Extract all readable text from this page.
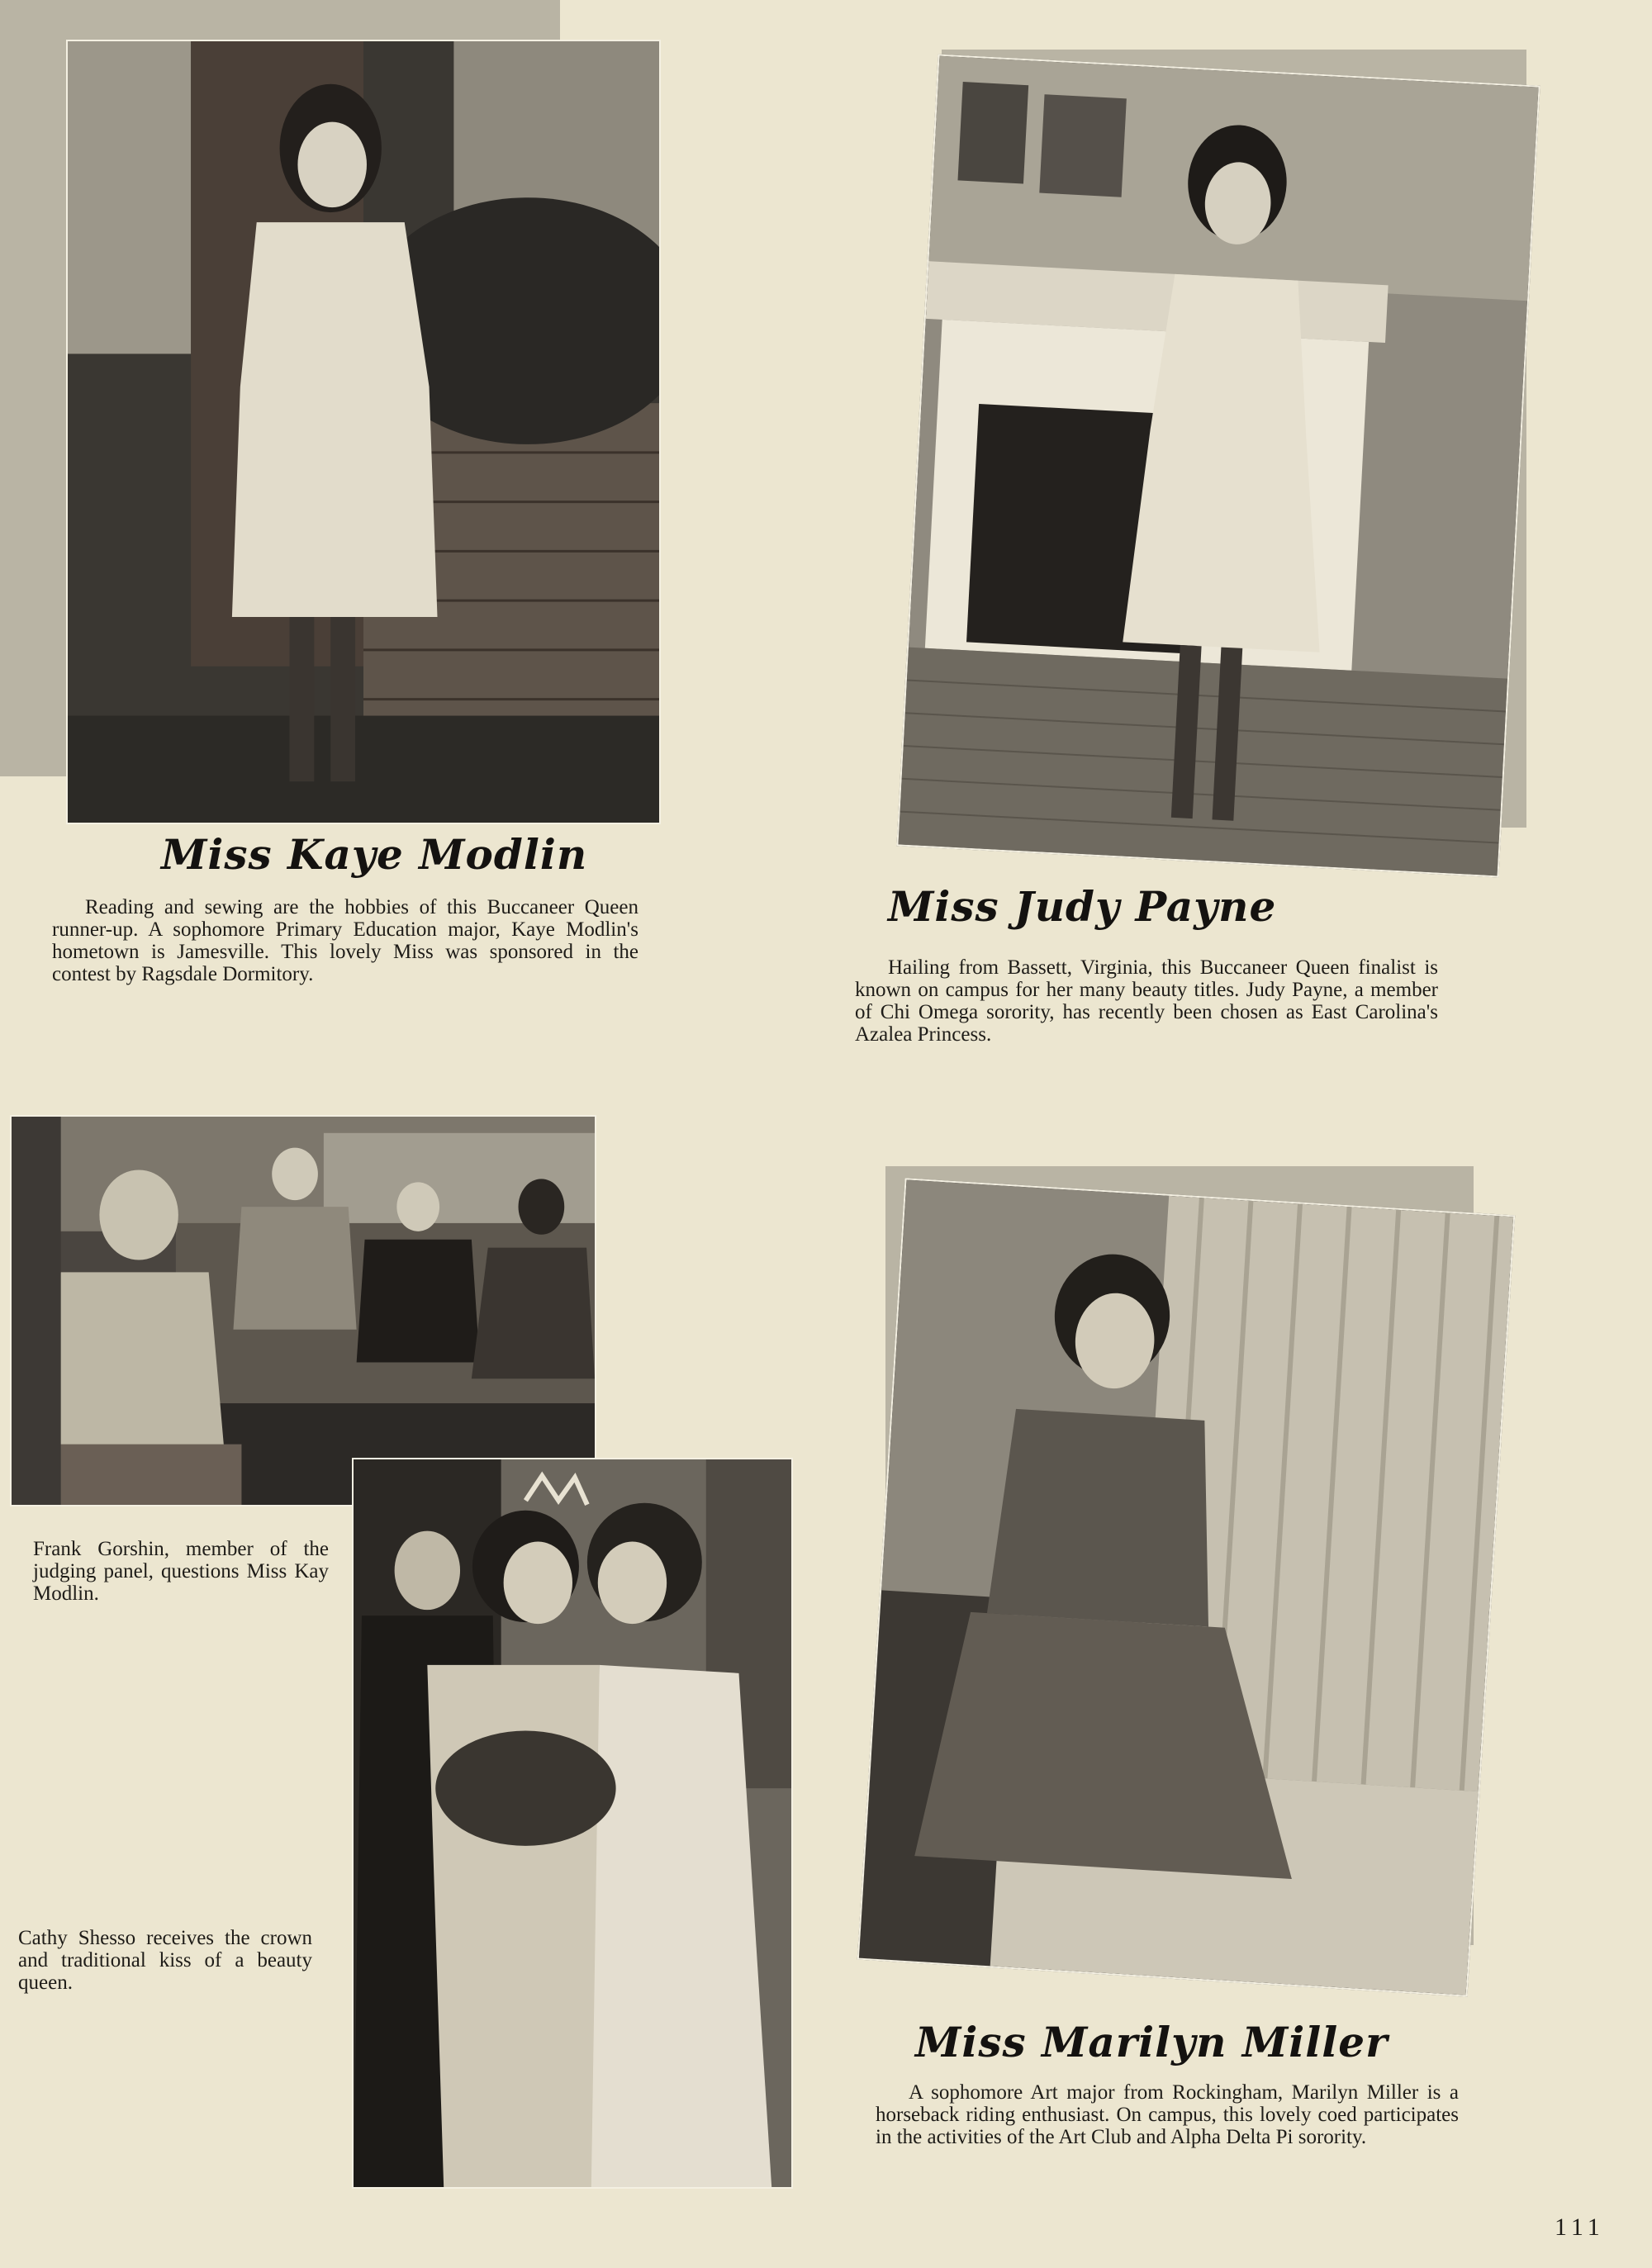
Miss Kaye Modlin

Reading and sewing are the hobbies of this Buccaneer Queen runner-up. A sophomore Primary Education major, Kaye Modlin's hometown is Jamesville. This lovely Miss was sponsored in the contest by Ragsdale Dormitory.

Miss Judy Payne

Hailing from Bassett, Virginia, this Buccaneer Queen finalist is known on campus for her many beauty titles. Judy Payne, a member of Chi Omega sorority, has recently been chosen as East Carolina's Azalea Princess.

Frank Gorshin, member of the judging panel, questions Miss Kay Modlin.

Cathy Shesso receives the crown and traditional kiss of a beauty queen.

Miss Marilyn Miller

A sophomore Art major from Rockingham, Marilyn Miller is a horseback riding enthusiast. On campus, this lovely coed participates in the activities of the Art Club and Alpha Delta Pi sorority.

111
